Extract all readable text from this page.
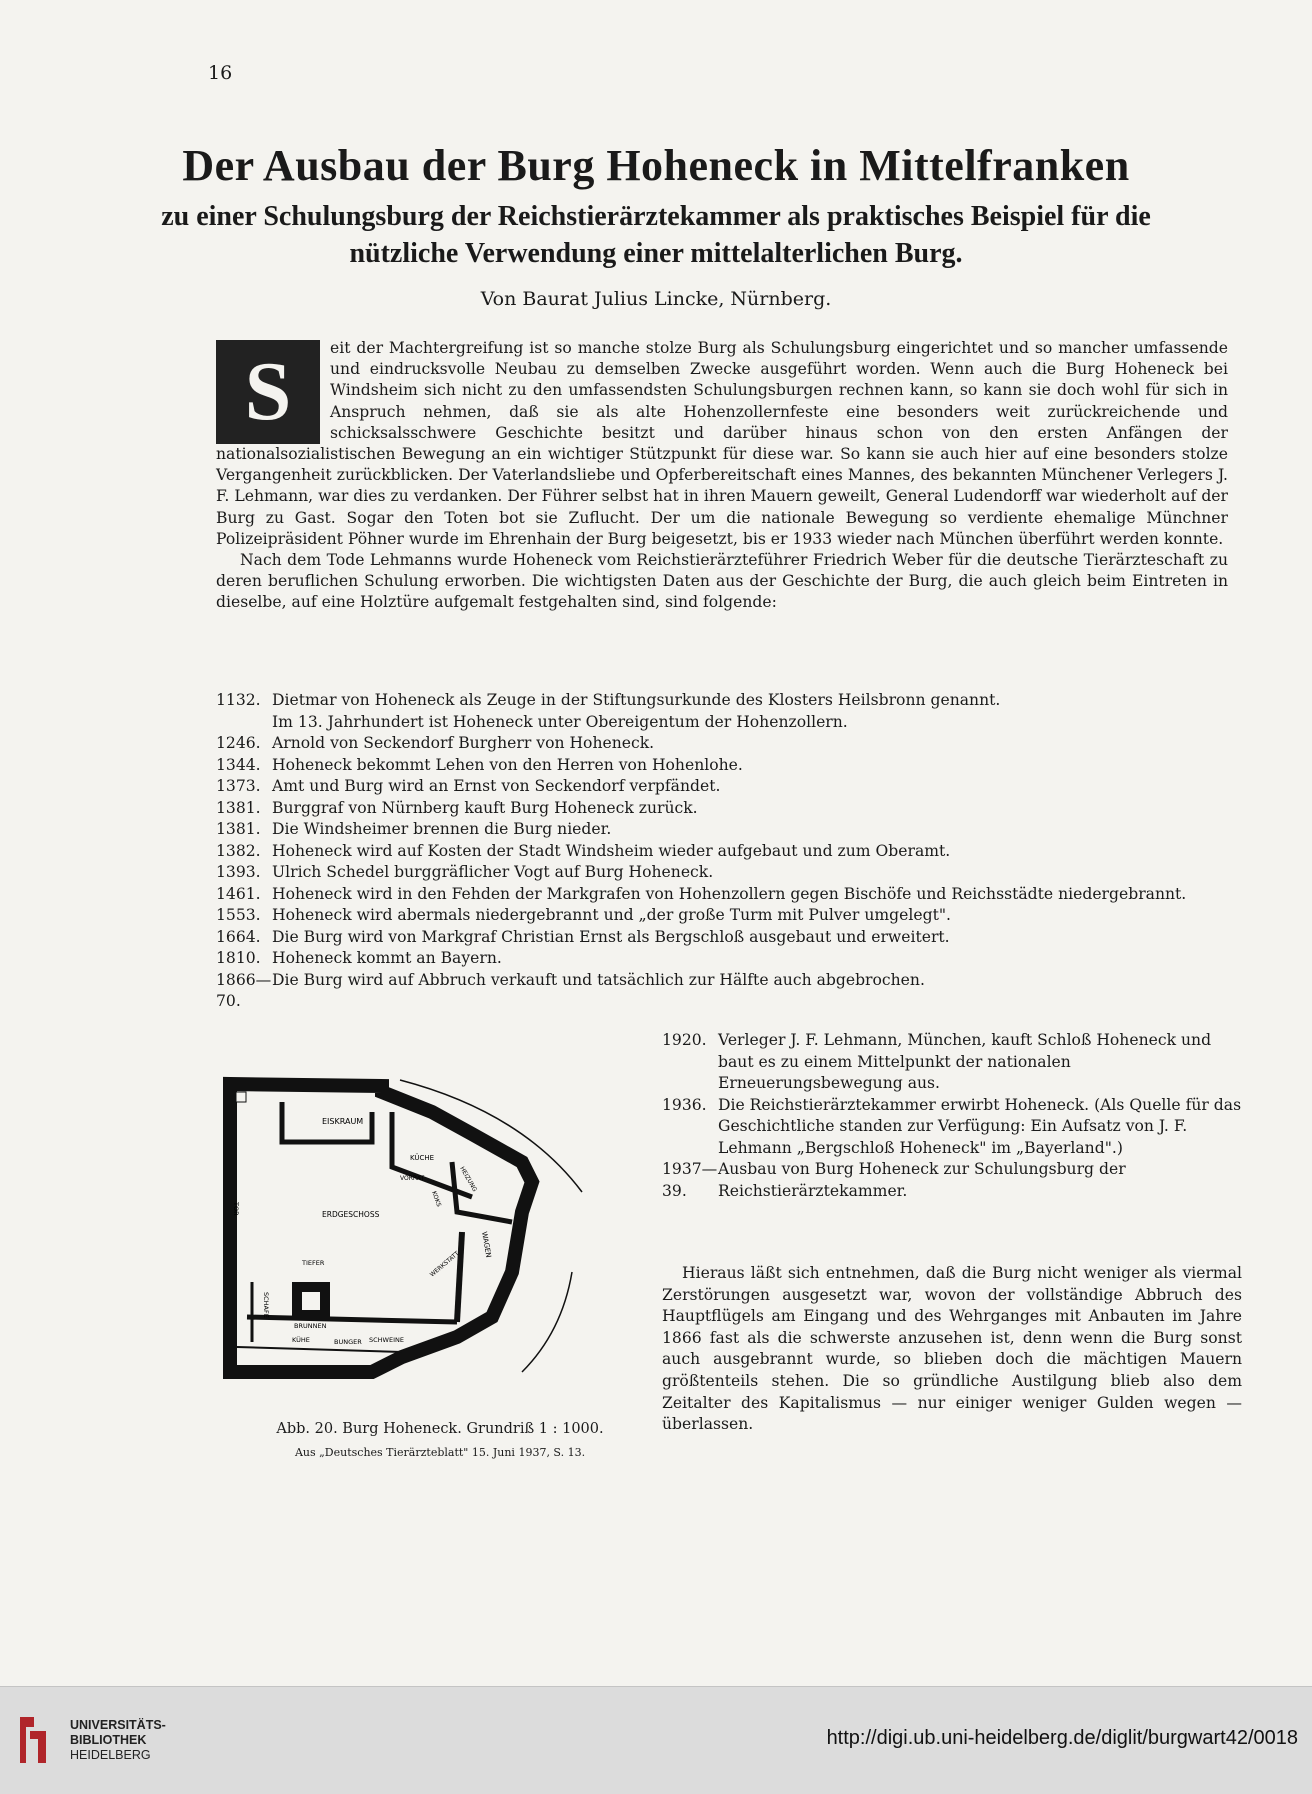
16
Der Ausbau der Burg Hoheneck in Mittelfranken
zu einer Schulungsburg der Reichstierärztekammer als praktisches Beispiel für die nützliche Verwendung einer mittelalterlichen Burg.
Von Baurat Julius Lincke, Nürnberg.
S	eit der Machtergreifung ist so manche stolze Burg als Schulungsburg eingerichtet und so mancher umfassende und eindrucksvolle Neubau zu demselben Zwecke ausgeführt worden. Wenn auch die Burg Hoheneck bei Windsheim sich nicht zu den umfassendsten Schulungsburgen rechnen kann, so kann sie doch wohl für sich in Anspruch nehmen, daß sie als alte Hohenzollernfeste eine besonders weit zurückreichende und schicksalsschwere Geschichte besitzt und darüber hinaus schon von den ersten Anfängen der nationalsozialistischen Bewegung an ein wichtiger Stützpunkt für diese war. So kann sie auch hier auf eine besonders stolze Vergangenheit zurückblicken. Der Vaterlandsliebe und Opferbereitschaft eines Mannes, des bekannten Münchener Verlegers J. F. Lehmann, war dies zu verdanken. Der Führer selbst hat in ihren Mauern geweilt, General Ludendorff war wiederholt auf der Burg zu Gast. Sogar den Toten bot sie Zuflucht. Der um die nationale Bewegung so verdiente ehemalige Münchner Polizeipräsident Pöhner wurde im Ehrenhain der Burg beigesetzt, bis er 1933 wieder nach München überführt werden konnte.

Nach dem Tode Lehmanns wurde Hoheneck vom Reichstierärzteführer Friedrich Weber für die deutsche Tierärzteschaft zu deren beruflichen Schulung erworben. Die wichtigsten Daten aus der Geschichte der Burg, die auch gleich beim Eintreten in dieselbe, auf eine Holztüre aufgemalt festgehalten sind, sind folgende:

1132. Dietmar von Hoheneck als Zeuge in der Stiftungsurkunde des Klosters Heilsbronn genannt.
Im 13. Jahrhundert ist Hoheneck unter Obereigentum der Hohenzollern.
1246. Arnold von Seckendorf Burgherr von Hoheneck.
1344. Hoheneck bekommt Lehen von den Herren von Hohenlohe.
1373. Amt und Burg wird an Ernst von Seckendorf verpfändet.
1381. Burggraf von Nürnberg kauft Burg Hoheneck zurück.
1381. Die Windsheimer brennen die Burg nieder.
1382. Hoheneck wird auf Kosten der Stadt Windsheim wieder aufgebaut und zum Oberamt.
1393. Ulrich Schedel burggräflicher Vogt auf Burg Hoheneck.
1461. Hoheneck wird in den Fehden der Markgrafen von Hohenzollern gegen Bischöfe und Reichsstädte niedergebrannt.
1553. Hoheneck wird abermals niedergebrannt und „der große Turm mit Pulver umgelegt".
1664. Die Burg wird von Markgraf Christian Ernst als Bergschloß ausgebaut und erweitert.
1810. Hoheneck kommt an Bayern.
1866—70.
Die Burg wird auf Abbruch verkauft und tatsächlich zur Hälfte auch abgebrochen.
1920. Verleger J. F. Lehmann, München, kauft Schloß Hoheneck und baut es zu einem Mittelpunkt der nationalen Erneuerungsbewegung aus.
1936. Die Reichstierärztekammer erwirbt Hoheneck. (Als Quelle für das Geschichtliche standen zur Verfügung: Ein Aufsatz von J. F. Lehmann „Bergschloß Hoheneck" im „Bayerland".)
1937—39.
Ausbau von Burg Hoheneck zur Schulungsburg der Reichstierärztekammer.
EISKRAUM
KÜCHE
VORRAT	HEIZUNG
KOKS
WAGEN
WERKSTATT
ERDGESCHOSS
TIEFER
BRUNNEN
KÜHE	BUNGER SCHWEINE
SCHAFE
TOR
Abb. 20. Burg Hoheneck. Grundriß 1 : 1000.
Aus „Deutsches Tierärzteblatt" 15. Juni 1937, S. 13.
Hieraus läßt sich entnehmen, daß die Burg nicht weniger als viermal Zerstörungen ausgesetzt war, wovon der vollständige Abbruch des Hauptflügels am Eingang und des Wehrganges mit Anbauten im Jahre 1866 fast als die schwerste anzusehen ist, denn wenn die Burg sonst auch ausgebrannt wurde, so blieben doch die mächtigen Mauern größtenteils stehen. Die so gründliche Austilgung blieb also dem Zeitalter des Kapitalismus — nur einiger weniger Gulden wegen — überlassen.
UNIVERSITÄTS-
BIBLIOTHEK
HEIDELBERG
http://digi.ub.uni-heidelberg.de/diglit/burgwart42/0018
